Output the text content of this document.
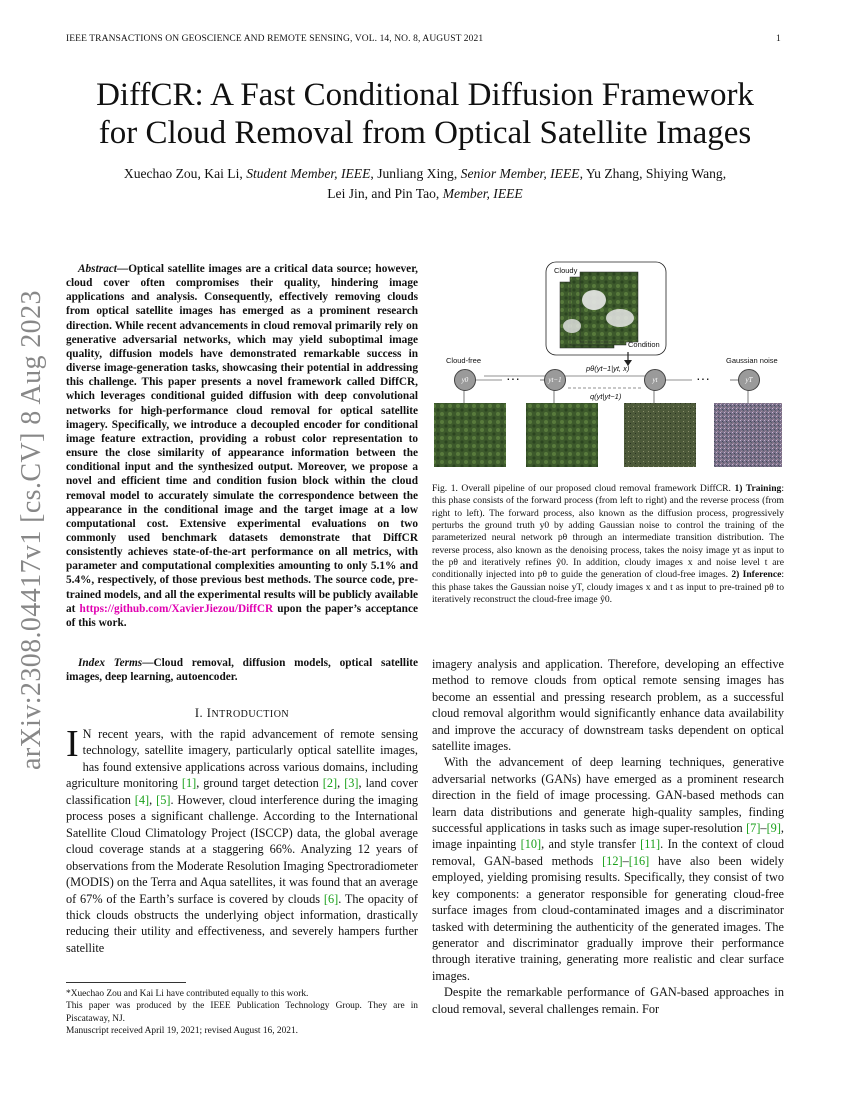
IEEE TRANSACTIONS ON GEOSCIENCE AND REMOTE SENSING, VOL. 14, NO. 8, AUGUST 2021	1
DiffCR: A Fast Conditional Diffusion Framework
for Cloud Removal from Optical Satellite Images
Xuechao Zou, Kai Li, Student Member, IEEE, Junliang Xing, Senior Member, IEEE, Yu Zhang, Shiying Wang,
Lei Jin, and Pin Tao, Member, IEEE
arXiv:2308.04417v1 [cs.CV] 8 Aug 2023
Abstract—Optical satellite images are a critical data source; however, cloud cover often compromises their quality, hindering image applications and analysis. Consequently, effectively removing clouds from optical satellite images has emerged as a prominent research direction. While recent advancements in cloud removal primarily rely on generative adversarial networks, which may yield suboptimal image quality, diffusion models have demonstrated remarkable success in diverse image-generation tasks, showcasing their potential in addressing this challenge. This paper presents a novel framework called DiffCR, which leverages conditional guided diffusion with deep convolutional networks for high-performance cloud removal for optical satellite imagery. Specifically, we introduce a decoupled encoder for conditional image feature extraction, providing a robust color representation to ensure the close similarity of appearance information between the conditional input and the synthesized output. Moreover, we propose a novel and efficient time and condition fusion block within the cloud removal model to accurately simulate the correspondence between the appearance in the conditional image and the target image at a low computational cost. Extensive experimental evaluations on two commonly used benchmark datasets demonstrate that DiffCR consistently achieves state-of-the-art performance on all metrics, with parameter and computational complexities amounting to only 5.1% and 5.4%, respectively, of those previous best methods. The source code, pre-trained models, and all the experimental results will be publicly available at https://github.com/XavierJiezou/DiffCR upon the paper’s acceptance of this work.
Index Terms—Cloud removal, diffusion models, optical satellite images, deep learning, autoencoder.
I. INTRODUCTION
I N recent years, with the rapid advancement of remote sensing technology, satellite imagery, particularly optical satellite images, has found extensive applications across various domains, including agriculture monitoring [1], ground target detection [2], [3], land cover classification [4], [5]. However, cloud interference during the imaging process poses a significant challenge. According to the International Satellite Cloud Climatology Project (ISCCP) data, the global average cloud coverage stands at a staggering 66%. Analyzing 12 years of observations from the Moderate Resolution Imaging Spectroradiometer (MODIS) on the Terra and Aqua satellites, it was found that an average of 67% of the Earth’s surface is covered by clouds [6]. The opacity of thick clouds obstructs the underlying object information, drastically reducing their utility and effectiveness, and severely hampers further satellite
*Xuechao Zou and Kai Li have contributed equally to this work.
This paper was produced by the IEEE Publication Technology Group. They are in Piscataway, NJ.
Manuscript received April 19, 2021; revised August 16, 2021.
Cloudy
Condition
Cloud-free	Gaussian noise
pθ(yt−1|yt, x)
q(yt|yt−1)
···	···
y0	yt−1	yt	yT
Fig. 1. Overall pipeline of our proposed cloud removal framework DiffCR. 1) Training: this phase consists of the forward process (from left to right) and the reverse process (from right to left). The forward process, also known as the diffusion process, progressively perturbs the ground truth y0 by adding Gaussian noise to control the training of the parameterized neural network pθ through an intermediate transition distribution. The reverse process, also known as the denoising process, takes the noisy image yt as input to the pθ and iteratively refines ŷ0. In addition, cloudy images x and noise level t are conditionally injected into pθ to guide the generation of cloud-free images. 2) Inference: this phase takes the Gaussian noise yT, cloudy images x and t as input to pre-trained pθ to iteratively reconstruct the cloud-free image ŷ0.

imagery analysis and application. Therefore, developing an effective method to remove clouds from optical remote sensing images has become an essential and pressing research problem, as a successful cloud removal algorithm would significantly enhance data availability and improve the accuracy of downstream tasks dependent on optical satellite images.

With the advancement of deep learning techniques, generative adversarial networks (GANs) have emerged as a prominent research direction in the field of image processing. GAN-based methods can learn data distributions and generate high-quality samples, finding successful applications in tasks such as image super-resolution [7]–[9], image inpainting [10], and style transfer [11]. In the context of cloud removal, GAN-based methods [12]–[16] have also been widely employed, yielding promising results. Specifically, they consist of two key components: a generator responsible for generating cloud-free surface images from cloud-contaminated images and a discriminator tasked with determining the authenticity of the generated images. The generator and discriminator gradually improve their performance through iterative training, generating more realistic and clear surface images.

Despite the remarkable performance of GAN-based approaches in cloud removal, several challenges remain. For
